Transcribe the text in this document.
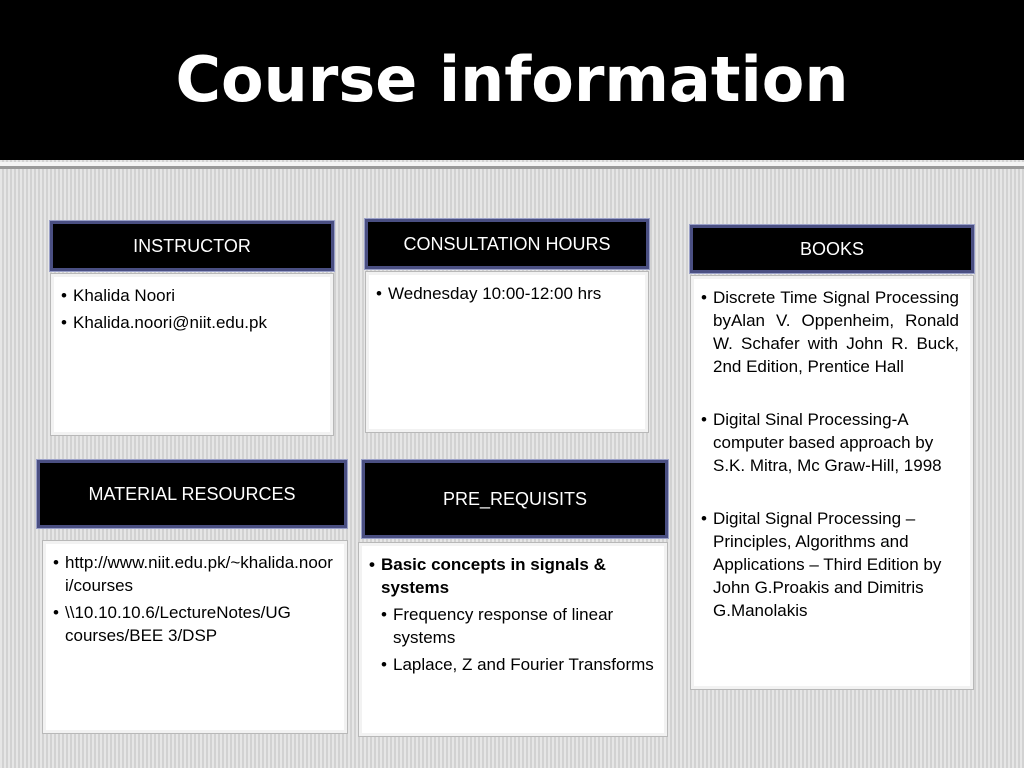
Course information
INSTRUCTOR
• Khalida Noori
• Khalida.noori@niit.edu.pk
CONSULTATION HOURS
• Wednesday 10:00-12:00 hrs
BOOKS
• Discrete Time Signal Processing byAlan V. Oppenheim, Ronald W. Schafer with John R. Buck, 2nd Edition, Prentice Hall
• Digital Sinal Processing-A computer based approach by S.K. Mitra, Mc Graw-Hill, 1998
• Digital Signal Processing – Principles, Algorithms and Applications – Third Edition by John G.Proakis and Dimitris G.Manolakis
MATERIAL RESOURCES
• http://www.niit.edu.pk/~khalida.noori/courses
• \\10.10.10.6/LectureNotes/UG courses/BEE 3/DSP
PRE_REQUISITS
• Basic concepts in signals & systems
• Frequency response of linear systems
• Laplace, Z and Fourier Transforms
